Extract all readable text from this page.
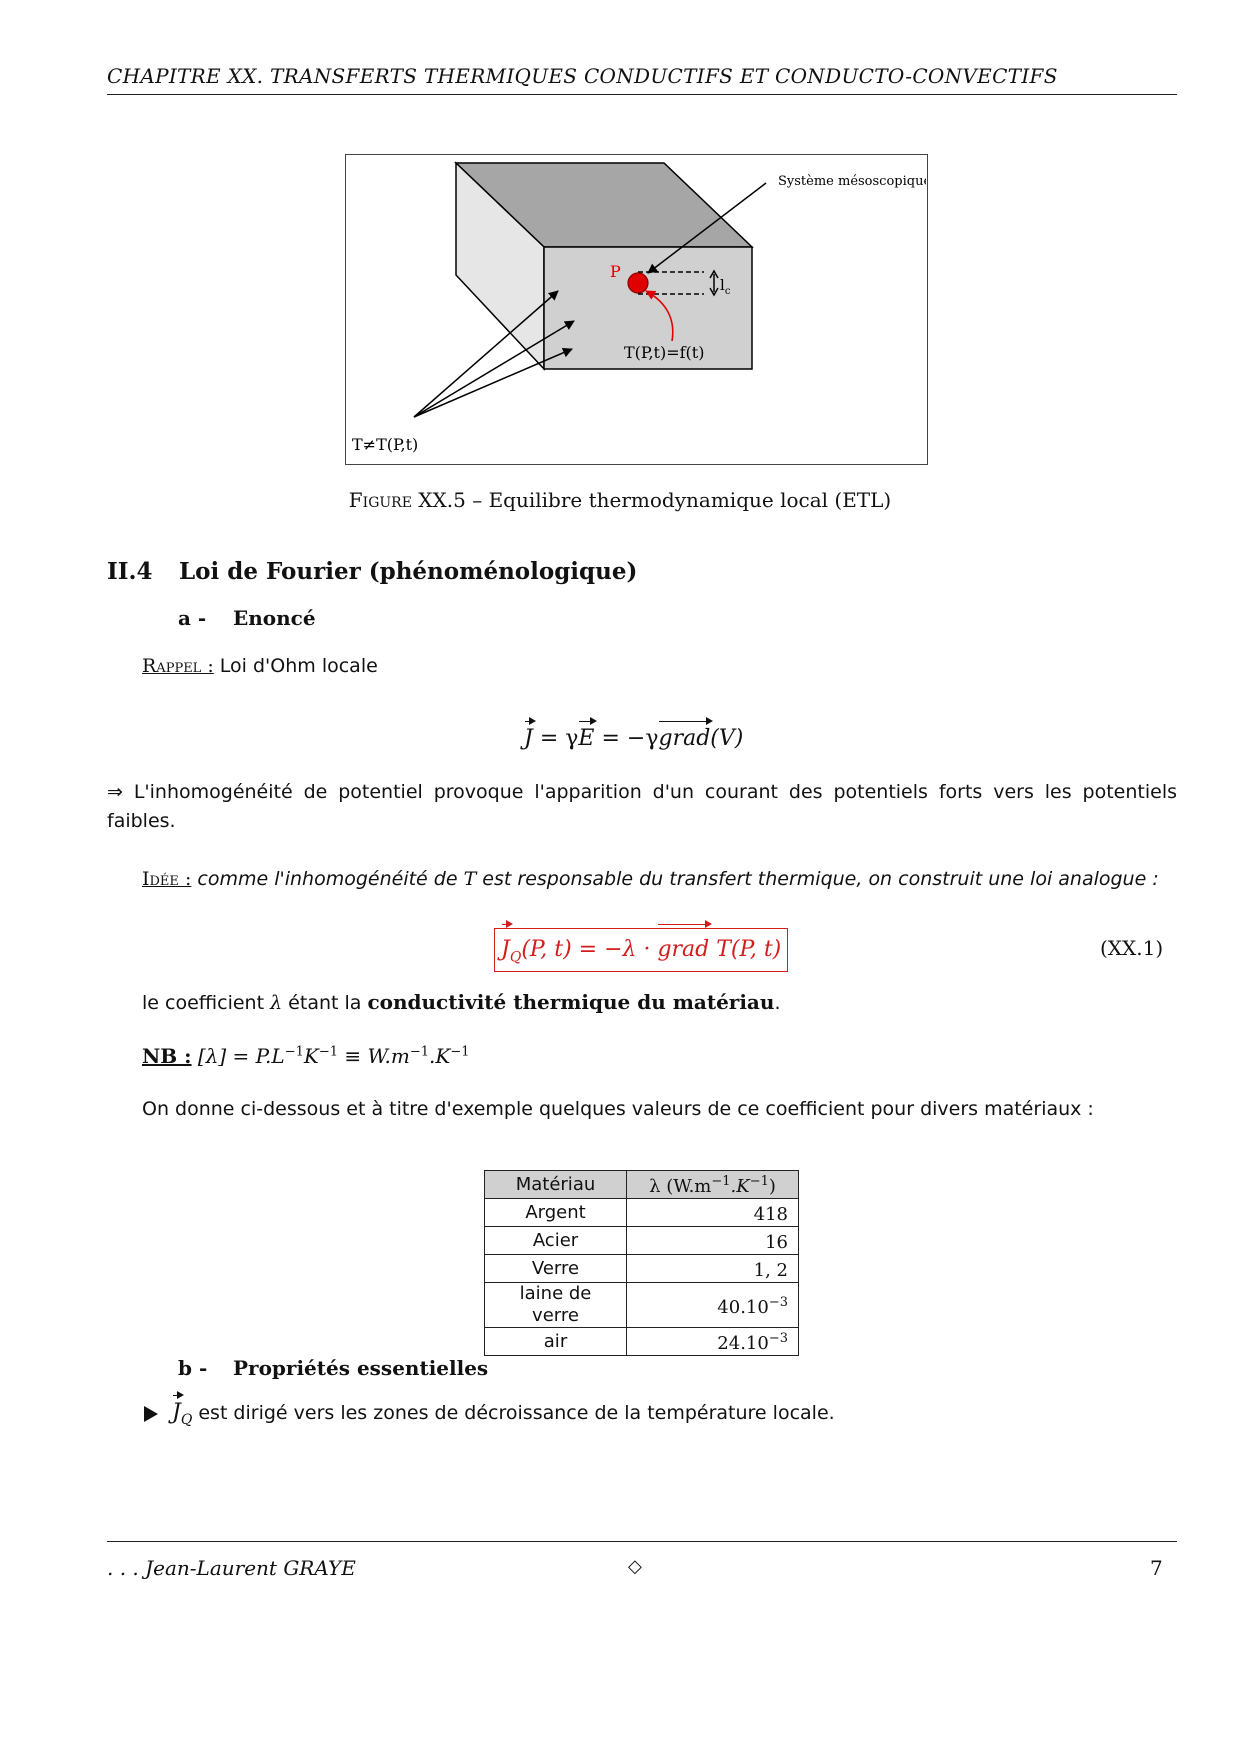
CHAPITRE XX. TRANSFERTS THERMIQUES CONDUCTIFS ET CONDUCTO-CONVECTIFS
$l_c$
P
Système mésoscopique
T(P,t)=f(t)
T≠T(P,t)
Figure XX.5 – Equilibre thermodynamique local (ETL)
II.4 Loi de Fourier (phénoménologique)
a - Enoncé
Rappel : Loi d'Ohm locale
J = γE = −γgrad(V)
⇒ L'inhomogénéité de potentiel provoque l'apparition d'un courant des potentiels forts vers les potentiels faibles.
Idée : comme l'inhomogénéité de T est responsable du transfert thermique, on construit une loi analogue :
$J_Q(P$, t) = −λ · grad T(P, t)	(XX.1)
le coefficient λ étant la conductivité thermique du matériau.
NB : $[\lambda] = P.L^{-1}K^{-1} \equiv W.m^{-1}.K^{-1}$
On donne ci-dessous et à titre d'exemple quelques valeurs de ce coefficient pour divers matériaux :
Matériau	λ $(W.m^{-1}.K^{-1})$
Argent	418
Acier	16
Verre	1, 2
laine de verre	$40.10^{-3}$
air	$24.10^{-3}$
b - Propriétés essentielles
$J_Q$ est dirigé vers les zones de décroissance de la température locale.
. . . Jean-Laurent GRAYE	◇	7
